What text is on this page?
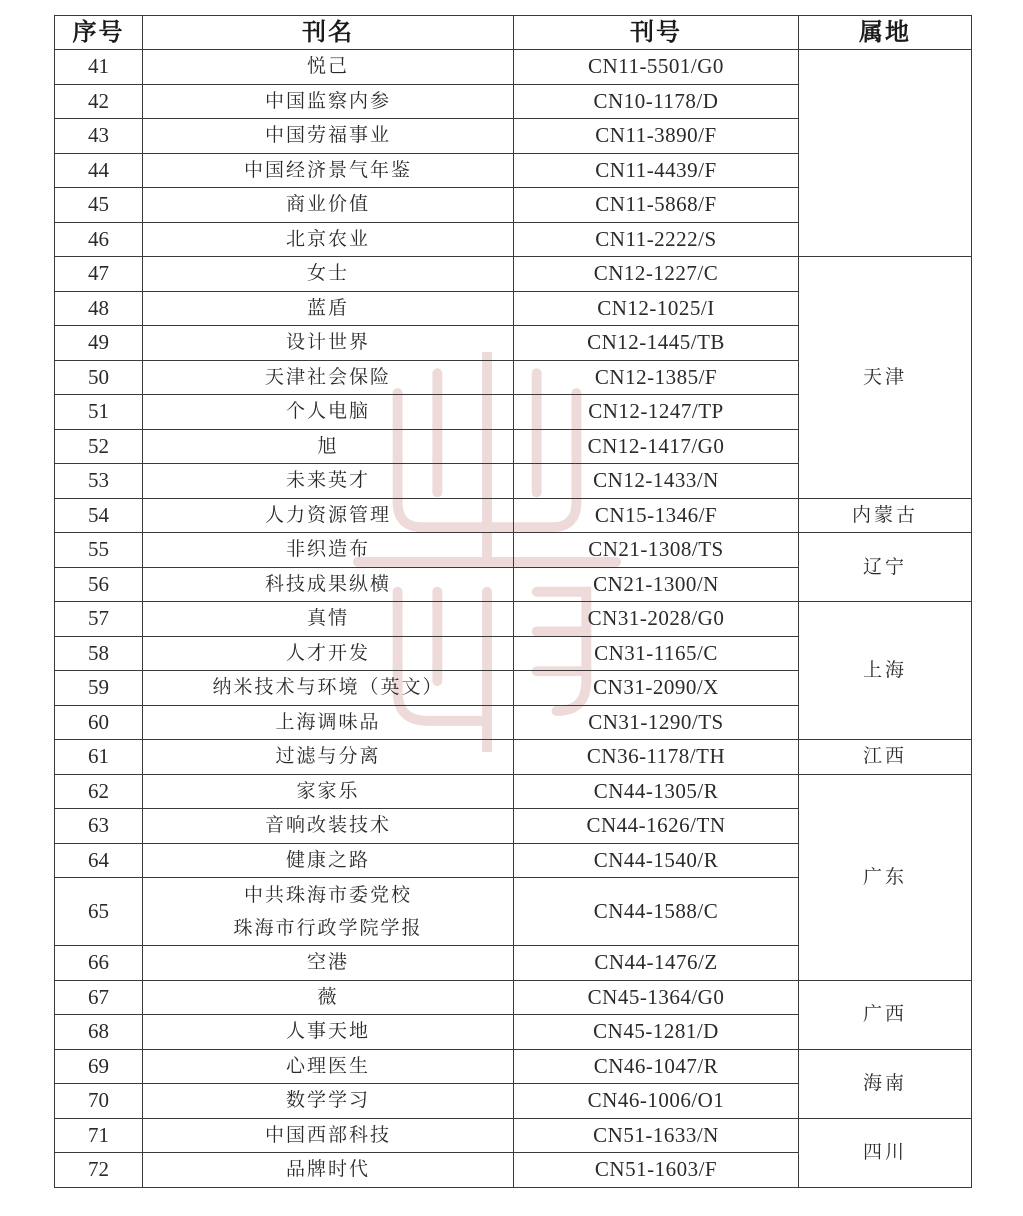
序号	刊名	刊号	属地
41	悦己	CN11-5501/G0	
42	中国监察内参	CN10-1178/D	
43	中国劳福事业	CN11-3890/F	
44	中国经济景气年鉴	CN11-4439/F	
45	商业价值	CN11-5868/F	
46	北京农业	CN11-2222/S	
47	女士	CN12-1227/C	天津
48	蓝盾	CN12-1025/I	
49	设计世界	CN12-1445/TB	
50	天津社会保险	CN12-1385/F	
51	个人电脑	CN12-1247/TP	
52	旭	CN12-1417/G0	
53	未来英才	CN12-1433/N	
54	人力资源管理	CN15-1346/F	内蒙古
55	非织造布	CN21-1308/TS	辽宁
56	科技成果纵横	CN21-1300/N	
57	真情	CN31-2028/G0	上海
58	人才开发	CN31-1165/C	
59	纳米技术与环境（英文）	CN31-2090/X	
60	上海调味品	CN31-1290/TS	
61	过滤与分离	CN36-1178/TH	江西
62	家家乐	CN44-1305/R	广东
63	音响改装技术	CN44-1626/TN	
64	健康之路	CN44-1540/R	
65	中共珠海市委党校
珠海市行政学院学报	CN44-1588/C	
66	空港	CN44-1476/Z	
67	薇	CN45-1364/G0	广西
68	人事天地	CN45-1281/D	
69	心理医生	CN46-1047/R	海南
70	数学学习	CN46-1006/O1	
71	中国西部科技	CN51-1633/N	四川
72	品牌时代	CN51-1603/F	
